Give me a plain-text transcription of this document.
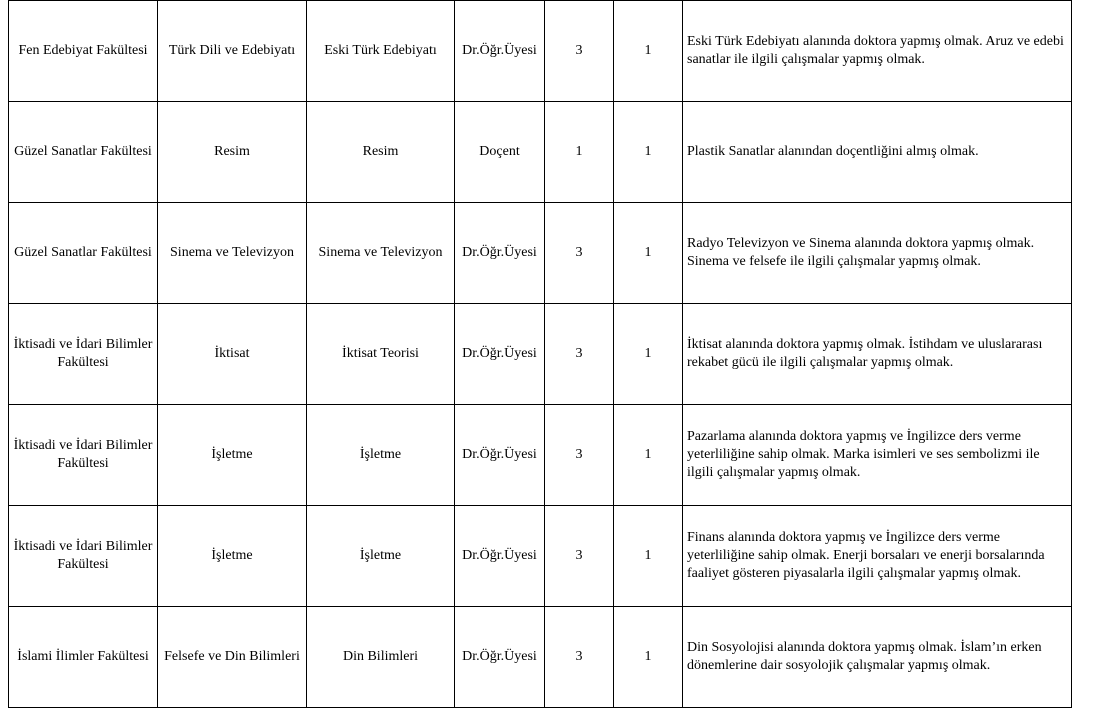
Fen Edebiyat Fakültesi	Türk Dili ve Edebiyatı	Eski Türk Edebiyatı	Dr.Öğr.Üyesi	3	1	Eski Türk Edebiyatı alanında doktora yapmış olmak. Aruz ve edebi sanatlar ile ilgili çalışmalar yapmış olmak.
Güzel Sanatlar Fakültesi	Resim	Resim	Doçent	1	1	Plastik Sanatlar alanından doçentliğini almış olmak.
Güzel Sanatlar Fakültesi	Sinema ve Televizyon	Sinema ve Televizyon	Dr.Öğr.Üyesi	3	1	Radyo Televizyon ve Sinema alanında doktora yapmış olmak. Sinema ve felsefe ile ilgili çalışmalar yapmış olmak.
İktisadi ve İdari Bilimler Fakültesi	İktisat	İktisat Teorisi	Dr.Öğr.Üyesi	3	1	İktisat alanında doktora yapmış olmak. İstihdam ve uluslararası rekabet gücü ile ilgili çalışmalar yapmış olmak.
İktisadi ve İdari Bilimler Fakültesi	İşletme	İşletme	Dr.Öğr.Üyesi	3	1	Pazarlama alanında doktora yapmış ve İngilizce ders verme yeterliliğine sahip olmak. Marka isimleri ve ses sembolizmi ile ilgili çalışmalar yapmış olmak.
İktisadi ve İdari Bilimler Fakültesi	İşletme	İşletme	Dr.Öğr.Üyesi	3	1	Finans alanında doktora yapmış ve İngilizce ders verme yeterliliğine sahip olmak. Enerji borsaları ve enerji borsalarında faaliyet gösteren piyasalarla ilgili çalışmalar yapmış olmak.
İslami İlimler Fakültesi	Felsefe ve Din Bilimleri	Din Bilimleri	Dr.Öğr.Üyesi	3	1	Din Sosyolojisi alanında doktora yapmış olmak. İslam’ın erken dönemlerine dair sosyolojik çalışmalar yapmış olmak.
